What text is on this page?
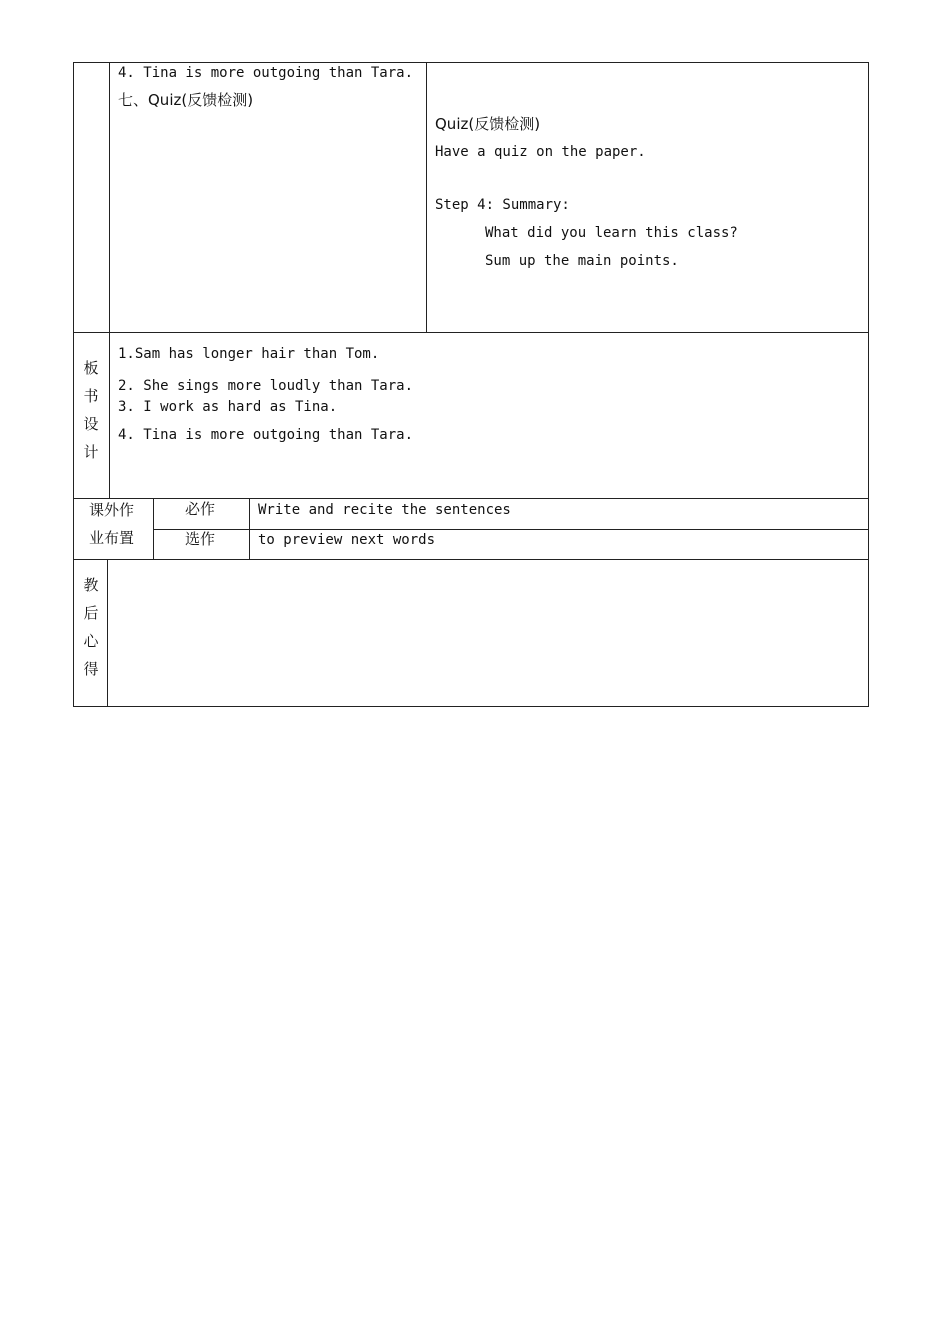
4. Tina is more outgoing than Tara.
七、Quiz(反馈检测)
Quiz(反馈检测)
Have a quiz on the paper.
Step 4: Summary:
What did you learn this class?
Sum up the main points.
板
书
设
计
1.Sam has longer hair than Tom.
2. She sings more loudly than Tara.
3. I work as hard as Tina.
4. Tina is more outgoing than Tara.
课外作
业布置
必作	Write and recite the sentences
选作	to preview next words
教
后
心
得
